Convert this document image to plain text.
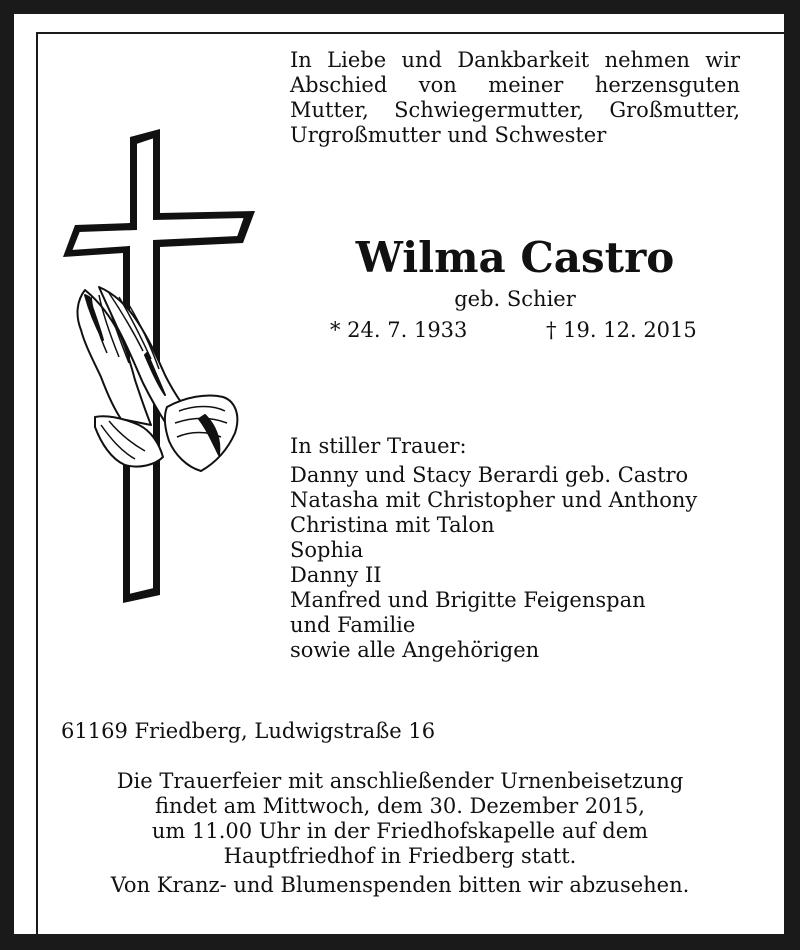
In Liebe und Dankbarkeit nehmen wir
Abschied von meiner herzensguten
Mutter, Schwiegermutter, Großmutter,
Urgroßmutter und Schwester
Wilma Castro
geb. Schier
* 24. 7. 1933	† 19. 12. 2015
In stiller Trauer:
Danny und Stacy Berardi geb. Castro
Natasha mit Christopher und Anthony
Christina mit Talon
Sophia
Danny II
Manfred und Brigitte Feigenspan
und Familie
sowie alle Angehörigen
61169 Friedberg, Ludwigstraße 16
Die Trauerfeier mit anschließender Urnenbeisetzung
findet am Mittwoch, dem 30. Dezember 2015,
um 11.00 Uhr in der Friedhofskapelle auf dem
Hauptfriedhof in Friedberg statt.
Von Kranz- und Blumenspenden bitten wir abzusehen.
